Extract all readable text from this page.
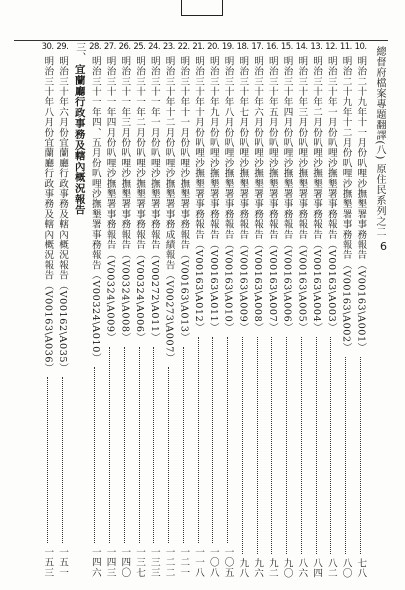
總督府檔案專題翻譯(八) 原住民系列之二
6
10.
明治二十九年十一月份叭哩沙撫墾署事務報告（V00163\A001）
七八
11.
明治二十九年十二月份叭哩沙撫墾署事務報告（V00163\A002）
八〇
12.
明治三十年一月份叭哩沙撫墾署事務報告（V00163\A003）
八二
13.
明治三十年二月份叭哩沙撫墾署事務報告（V00163\A004）
八四
14.
明治三十年三月份叭哩沙撫墾署事務報告（V00163\A005）
八六
15.
明治三十年四月份叭哩沙撫墾署事務報告（V00163\A006）
九〇
16.
明治三十年五月份叭哩沙撫墾署事務報告（V00163\A007）
九二
17.
明治三十年六月份叭哩沙撫墾署事務報告（V00163\A008）
九六
18.
明治三十年七月份叭哩沙撫墾署事務報告（V00163\A009）
九八
19.
明治三十年八月份叭哩沙撫墾署事務報告（V00163\A010）
一〇五
20.
明治三十年九月份叭哩沙撫墾署事務報告（V00163\A011）
一〇八
21.
明治三十年十月份叭哩沙撫墾署事務報告（V00163\A012）
一一八
22.
明治三十年十一月份叭哩沙撫墾署事務報告（V00163\A013）
一二一
23.
明治三十年十二月份叭哩沙撫墾署事務成績報告（V00273\A007）
一二二
24.
明治三十一年一月份叭哩沙撫墾署事務報告（V00272\A011）
一三三
25.
明治三十一年二月份叭哩沙撫墾署事務報告（V00324\A006）
一三七
26.
明治三十一年三月份叭哩沙撫墾署事務報告（V00324\A008）
一四〇
27.
明治三十一年四月份叭哩沙撫墾署事務報告（V00324\A009）
一四三
28.
明治三十一年四、五月份叭哩沙撫墾署事務報告（V00324\A010）
一四六
三、
宜蘭廳行政事務及轄內概況報告
29.
明治三十年六月份宜蘭廳行政事務及轄內概況報告（V00162\A035）
一五一
30.
明治三十年八月份宜蘭廳行政事務及轄內概況報告（V00163\A036）
一五三
